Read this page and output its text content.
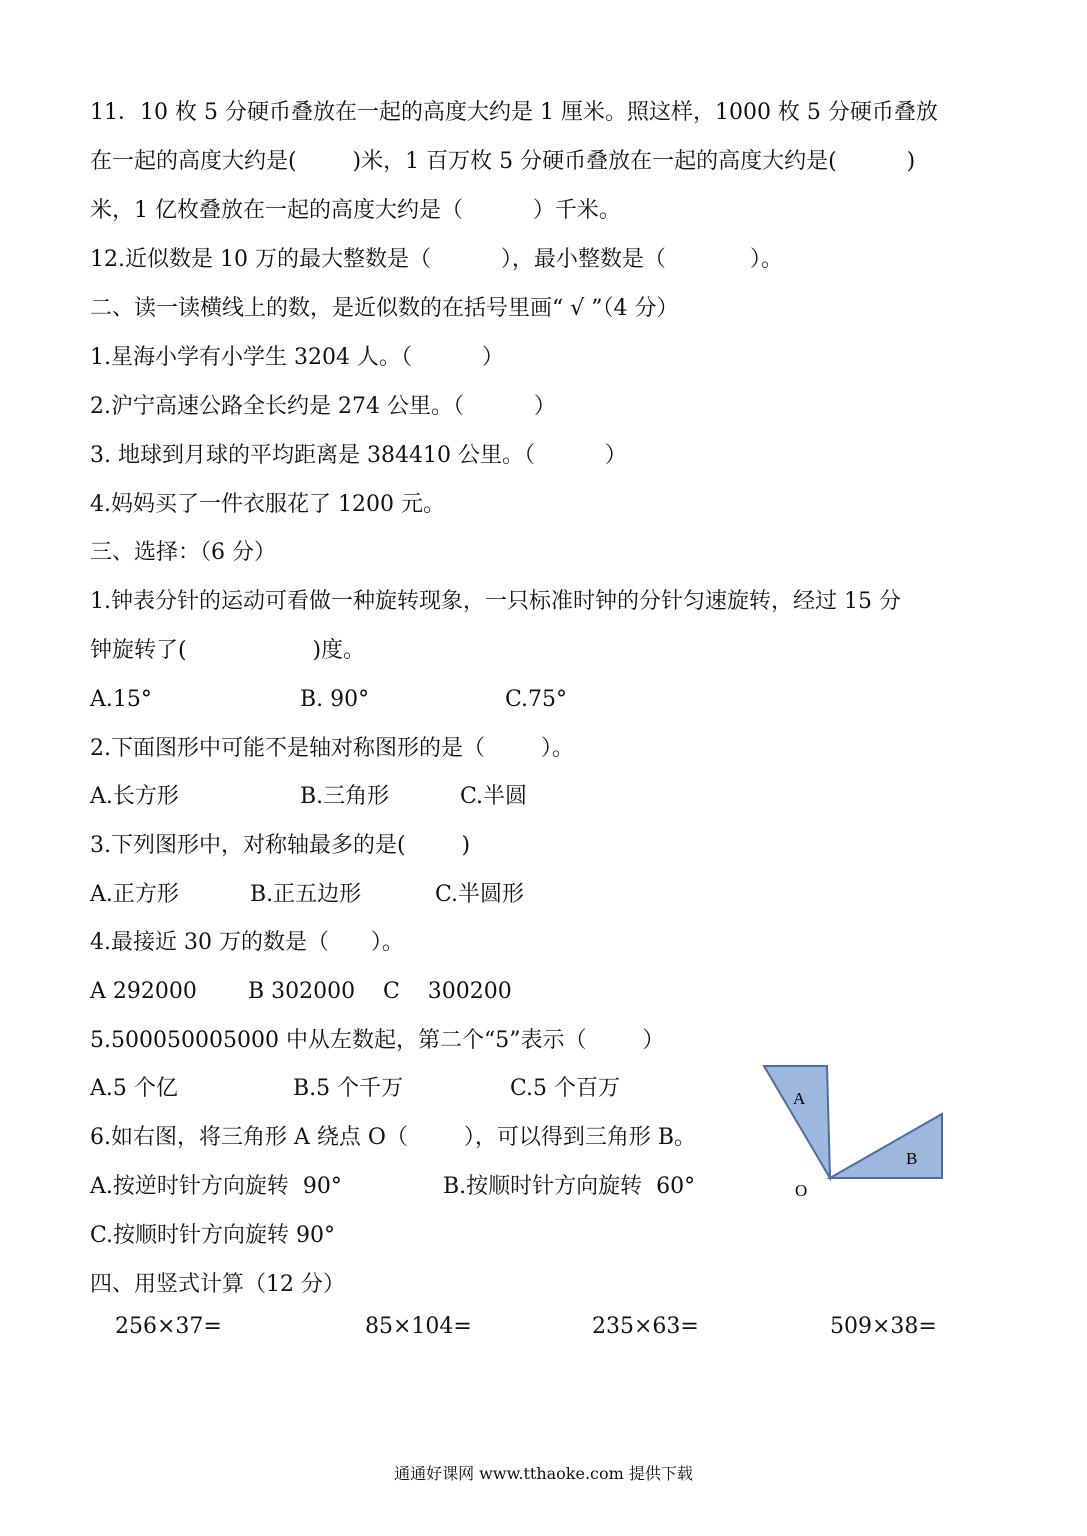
11．10 枚 5 分硬币叠放在一起的高度大约是 1 厘米。照这样，1000 枚 5 分硬币叠放
在一起的高度大约是(        )米，1 百万枚 5 分硬币叠放在一起的高度大约是(          )
米，1 亿枚叠放在一起的高度大约是（          ）千米。
12.近似数是 10 万的最大整数是（          ），最小整数是（            ）。
二、读一读横线上的数，是近似数的在括号里画“ √ ”（4 分）
1.星海小学有小学生 3204 人。（          ）
2.沪宁高速公路全长约是 274 公里。（          ）
3. 地球到月球的平均距离是 384410 公里。（          ）
4.妈妈买了一件衣服花了 1200 元。
三、选择：（6 分）
1.钟表分针的运动可看做一种旋转现象，一只标准时钟的分针匀速旋转，经过 15 分
钟旋转了(                  )度。
A.15°	B. 90°	C.75°
2.下面图形中可能不是轴对称图形的是（        ）。
A.长方形	B.三角形	C.半圆
3.下列图形中，对称轴最多的是(        )
A.正方形	B.正五边形	C.半圆形
4.最接近 30 万的数是（      ）。
A 292000 B 302000 C    300200
5.500050005000 中从左数起，第二个“5”表示（        ）
A.5 个亿	B.5 个千万	C.5 个百万
6.如右图，将三角形 A 绕点 O（        ），可以得到三角形 B。
A.按逆时针方向旋转  90°	B.按顺时针方向旋转  60°
C.按顺时针方向旋转 90°
A
B
O
四、用竖式计算（12 分）
256×37=	85×104=	235×63=	509×38=
通通好课网 www.tthaoke.com 提供下载
